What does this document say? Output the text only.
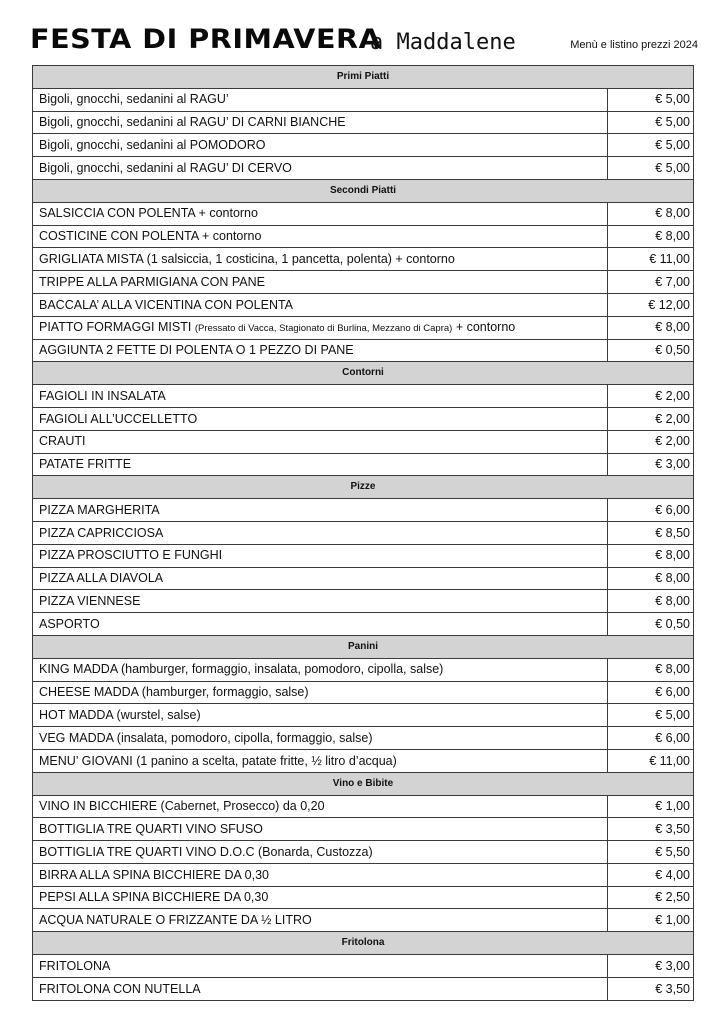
FESTA DI PRIMAVERA
a Maddalene	Menù e listino prezzi 2024
Primi Piatti	
Bigoli, gnocchi, sedanini al RAGU’	€ 5,00
Bigoli, gnocchi, sedanini al RAGU’ DI CARNI BIANCHE	€ 5,00
Bigoli, gnocchi, sedanini al POMODORO	€ 5,00
Bigoli, gnocchi, sedanini al RAGU’ DI CERVO	€ 5,00
Secondi Piatti	
SALSICCIA CON POLENTA + contorno	€ 8,00
COSTICINE CON POLENTA + contorno	€ 8,00
GRIGLIATA MISTA (1 salsiccia, 1 costicina, 1 pancetta, polenta) + contorno	€ 11,00
TRIPPE ALLA PARMIGIANA CON PANE	€ 7,00
BACCALA’ ALLA VICENTINA CON POLENTA	€ 12,00
PIATTO FORMAGGI MISTI (Pressato di Vacca, Stagionato di Burlina, Mezzano di Capra) + contorno	€ 8,00
AGGIUNTA 2 FETTE DI POLENTA O 1 PEZZO DI PANE	€ 0,50
Contorni	
FAGIOLI IN INSALATA	€ 2,00
FAGIOLI ALL’UCCELLETTO	€ 2,00
CRAUTI	€ 2,00
PATATE FRITTE	€ 3,00
Pizze	
PIZZA MARGHERITA	€ 6,00
PIZZA CAPRICCIOSA	€ 8,50
PIZZA PROSCIUTTO E FUNGHI	€ 8,00
PIZZA ALLA DIAVOLA	€ 8,00
PIZZA VIENNESE	€ 8,00
ASPORTO	€ 0,50
Panini	
KING MADDA (hamburger, formaggio, insalata, pomodoro, cipolla, salse)	€ 8,00
CHEESE MADDA (hamburger, formaggio, salse)	€ 6,00
HOT MADDA (wurstel, salse)	€ 5,00
VEG MADDA (insalata, pomodoro, cipolla, formaggio, salse)	€ 6,00
MENU’ GIOVANI (1 panino a scelta, patate fritte, ½ litro d’acqua)	€ 11,00
Vino e Bibite	
VINO IN BICCHIERE (Cabernet, Prosecco) da 0,20	€ 1,00
BOTTIGLIA TRE QUARTI VINO SFUSO	€ 3,50
BOTTIGLIA TRE QUARTI VINO D.O.C (Bonarda, Custozza)	€ 5,50
BIRRA ALLA SPINA BICCHIERE DA 0,30	€ 4,00
PEPSI ALLA SPINA BICCHIERE DA 0,30	€ 2,50
ACQUA NATURALE O FRIZZANTE DA ½ LITRO	€ 1,00
Fritolona	
FRITOLONA	€ 3,00
FRITOLONA CON NUTELLA	€ 3,50
